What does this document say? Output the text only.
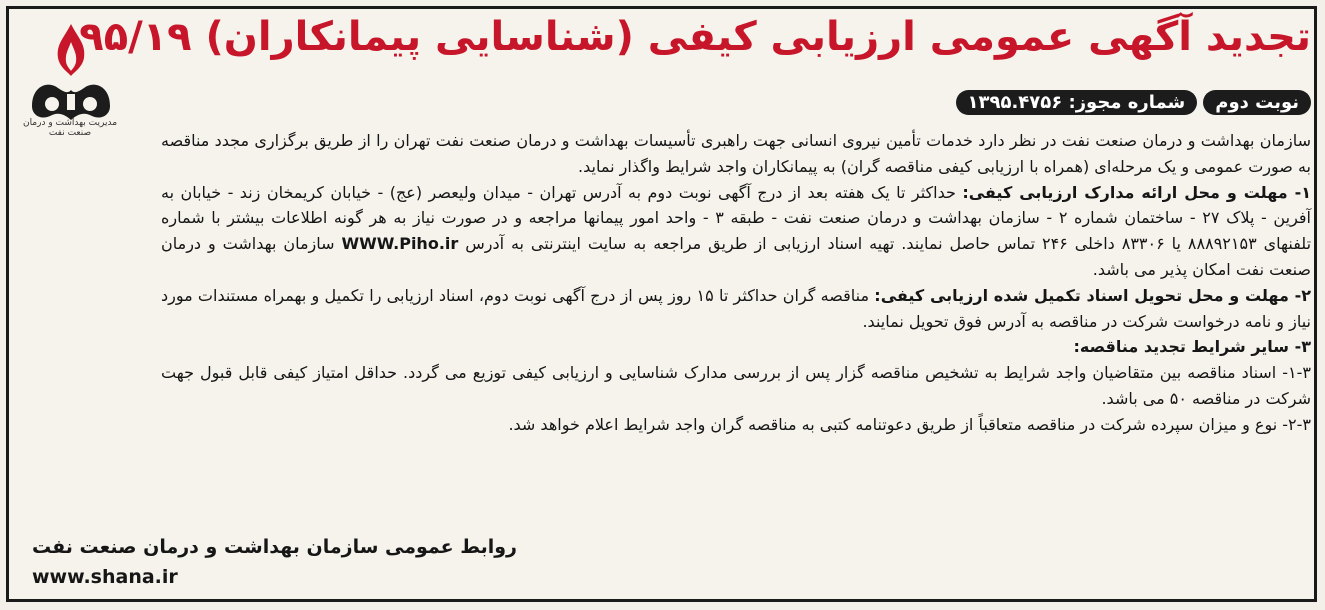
مدیریت بهداشت و درمان صنعت نفت
تجدید آگهی عمومی ارزیابی کیفی (شناسایی پیمانکاران) ۹۵/۱۹
شماره مجوز: ۱۳۹۵.۴۷۵۶	نوبت دوم

سازمان بهداشت و درمان صنعت نفت در نظر دارد خدمات تأمین نیروی انسانی جهت راهبری تأسیسات بهداشت و درمان صنعت نفت تهران را از طریق برگزاری مجدد مناقصه به صورت عمومی و یک مرحله‌ای (همراه با ارزیابی کیفی مناقصه گران) به پیمانکاران واجد شرایط واگذار نماید.

۱- مهلت و محل ارائه مدارک ارزیابی کیفی: حداکثر تا یک هفته بعد از درج آگهی نوبت دوم به آدرس تهران - میدان ولیعصر (عج) - خیابان کریمخان زند - خیابان به آفرین - پلاک ۲۷ - ساختمان شماره ۲ - سازمان بهداشت و درمان صنعت نفت - طبقه ۳ - واحد امور پیمانها مراجعه و در صورت نیاز به هر گونه اطلاعات بیشتر با شماره تلفنهای ۸۸۸۹۲۱۵۳ یا ۸۳۳۰۶ داخلی ۲۴۶ تماس حاصل نمایند. تهیه اسناد ارزیابی از طریق مراجعه به سایت اینترنتی به آدرس WWW.Piho.ir سازمان بهداشت و درمان صنعت نفت امکان پذیر می باشد.

۲- مهلت و محل تحویل اسناد تکمیل شده ارزیابی کیفی: مناقصه گران حداکثر تا ۱۵ روز پس از درج آگهی نوبت دوم، اسناد ارزیابی را تکمیل و بهمراه مستندات مورد نیاز و نامه درخواست شرکت در مناقصه به آدرس فوق تحویل نمایند.

۳- سایر شرایط تجدید مناقصه:

۱-۳- اسناد مناقصه بین متقاضیان واجد شرایط به تشخیص مناقصه گزار پس از بررسی مدارک شناسایی و ارزیابی کیفی توزیع می گردد. حداقل امتیاز کیفی قابل قبول جهت شرکت در مناقصه ۵۰ می باشد.

۲-۳- نوع و میزان سپرده شرکت در مناقصه متعاقباً از طریق دعوتنامه کتبی به مناقصه گران واجد شرایط اعلام خواهد شد.

روابط عمومی سازمان بهداشت و درمان صنعت نفت
www.shana.ir
